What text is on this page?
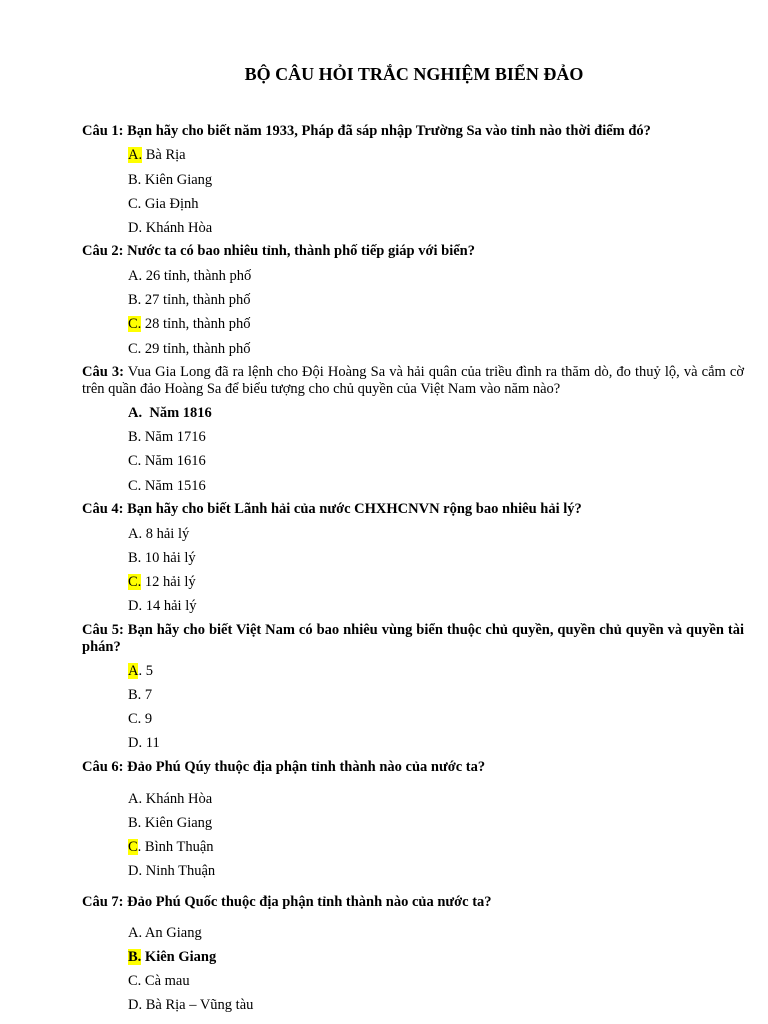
BỘ CÂU HỎI TRẮC NGHIỆM BIỂN ĐẢO
Câu 1: Bạn hãy cho biết năm 1933, Pháp đã sáp nhập Trường Sa vào tỉnh nào thời điểm đó?
A. Bà Rịa
B. Kiên Giang
C. Gia Định
D. Khánh Hòa
Câu 2: Nước ta có bao nhiêu tỉnh, thành phố tiếp giáp với biển?
A. 26 tỉnh, thành phố
B. 27 tỉnh, thành phố
C. 28 tỉnh, thành phố
C. 29 tỉnh, thành phố
Câu 3: Vua Gia Long đã ra lệnh cho Đội Hoàng Sa và hải quân của triều đình ra thăm dò, đo thuỷ lộ, và cắm cờ trên quần đảo Hoàng Sa để biểu tượng cho chủ quyền của Việt Nam vào năm nào?
A.  Năm 1816
B. Năm 1716
C. Năm 1616
C. Năm 1516
Câu 4: Bạn hãy cho biết Lãnh hải của nước CHXHCNVN rộng bao nhiêu hải lý?
A. 8 hải lý
B. 10 hải lý
C. 12 hải lý
D. 14 hải lý
Câu 5: Bạn hãy cho biết Việt Nam có bao nhiêu vùng biển thuộc chủ quyền, quyền chủ quyền và quyền tài phán?
A. 5
B. 7
C. 9
D. 11
Câu 6: Đảo Phú Qúy thuộc địa phận tỉnh thành nào của nước ta?
A. Khánh Hòa
B. Kiên Giang
C. Bình Thuận
D. Ninh Thuận
Câu 7: Đảo Phú Quốc thuộc địa phận tỉnh thành nào của nước ta?
A. An Giang
B. Kiên Giang
C. Cà mau
D. Bà Rịa – Vũng tàu
